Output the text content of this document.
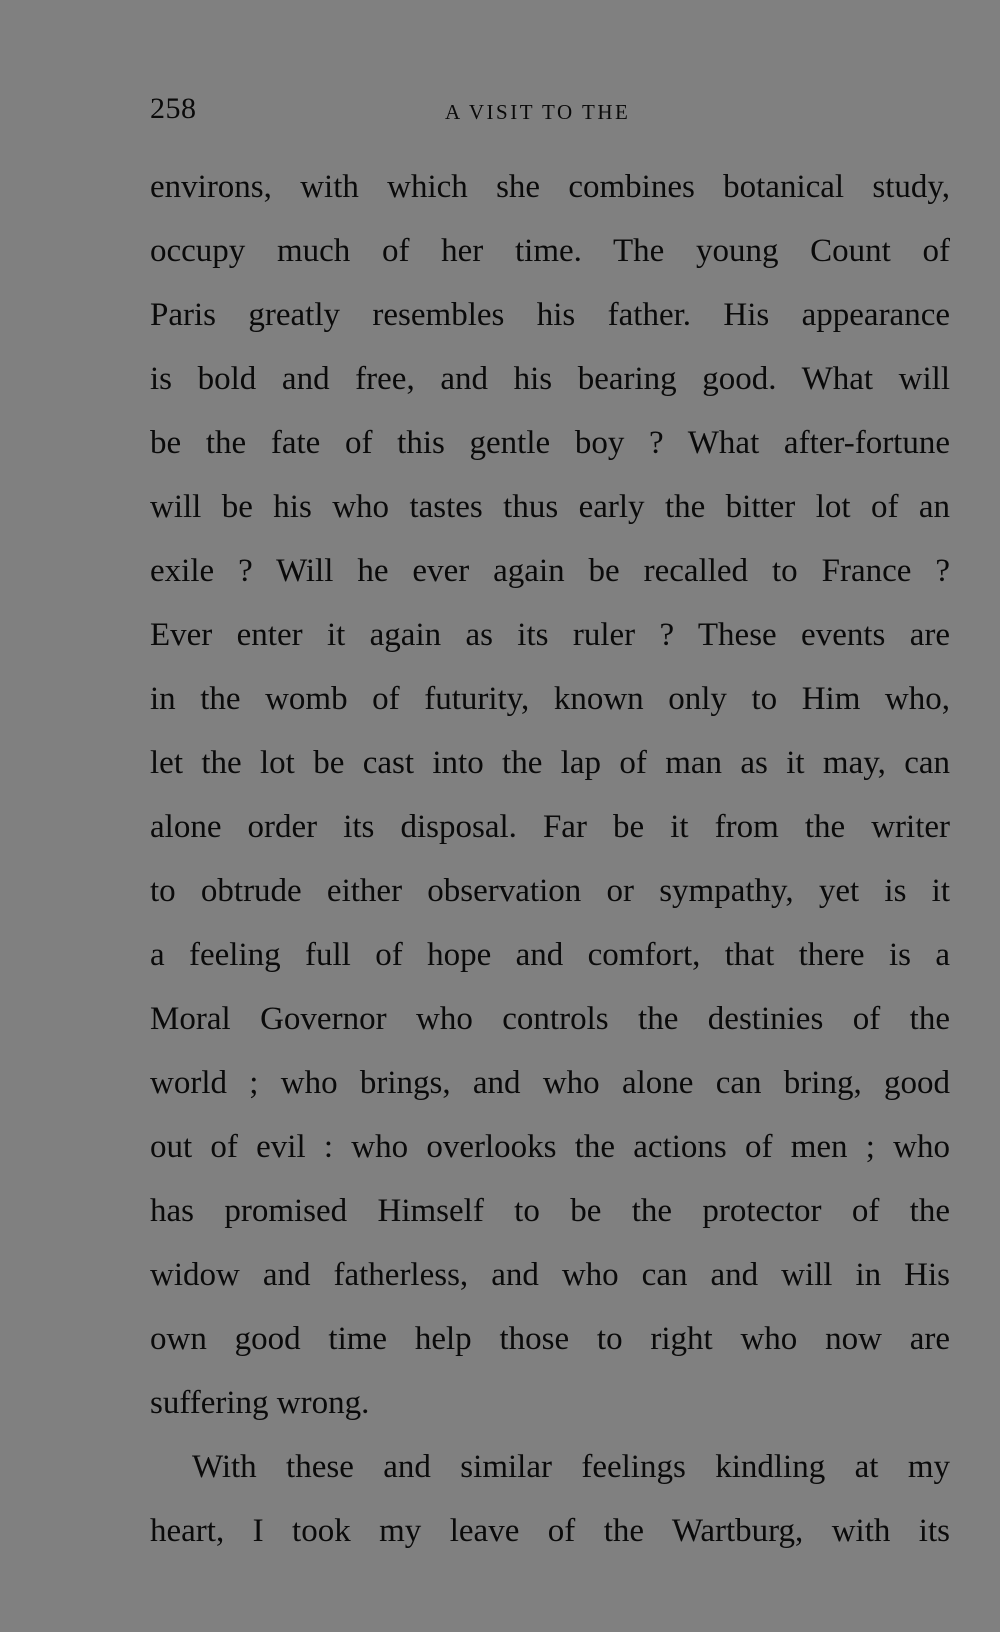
258	A VISIT TO THE
environs, with which she combines botanical study,
occupy much of her time. The young Count of
Paris greatly resembles his father. His appearance
is bold and free, and his bearing good. What will
be the fate of this gentle boy ? What after-fortune
will be his who tastes thus early the bitter lot of an
exile ? Will he ever again be recalled to France ?
Ever enter it again as its ruler ? These events are
in the womb of futurity, known only to Him who,
let the lot be cast into the lap of man as it may, can
alone order its disposal. Far be it from the writer
to obtrude either observation or sympathy, yet is it
a feeling full of hope and comfort, that there is a
Moral Governor who controls the destinies of the
world ; who brings, and who alone can bring, good
out of evil : who overlooks the actions of men ; who
has promised Himself to be the protector of the
widow and fatherless, and who can and will in His
own good time help those to right who now are
suffering wrong.
With these and similar feelings kindling at my
heart, I took my leave of the Wartburg, with its
